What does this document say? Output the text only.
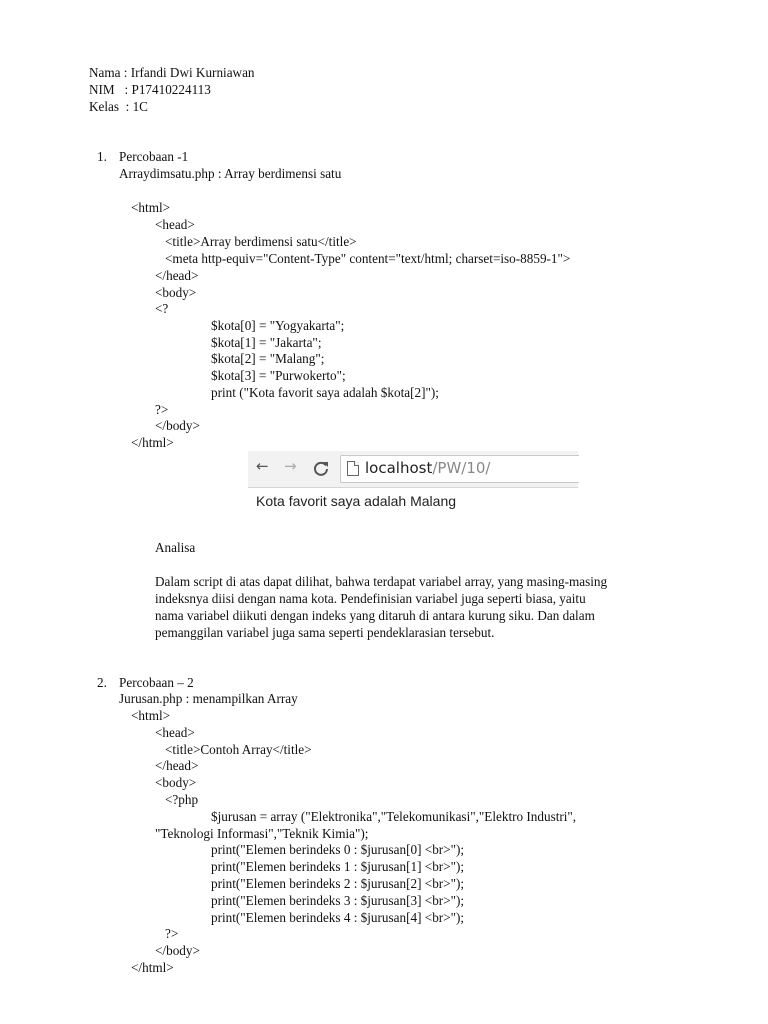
Nama : Irfandi Dwi Kurniawan
NIM   : P17410224113
Kelas  : 1C
1. Percobaan -1
Arraydimsatu.php : Array berdimensi satu
<html>
<head>
<title>Array berdimensi satu</title>
<meta http-equiv="Content-Type" content="text/html; charset=iso-8859-1">
</head>
<body>
<?
$kota[0] = "Yogyakarta";
$kota[1] = "Jakarta";
$kota[2] = "Malang";
$kota[3] = "Purwokerto";
print ("Kota favorit saya adalah $kota[2]");
?>
</body>
</html>
← →	localhost/PW/10/
Kota favorit saya adalah Malang
Analisa
Dalam script di atas dapat dilihat, bahwa terdapat variabel array, yang masing-masing
indeksnya diisi dengan nama kota. Pendefinisian variabel juga seperti biasa, yaitu
nama variabel diikuti dengan indeks yang ditaruh di antara kurung siku. Dan dalam
pemanggilan variabel juga sama seperti pendeklarasian tersebut.
2. Percobaan – 2
Jurusan.php : menampilkan Array
<html>
<head>
<title>Contoh Array</title>
</head>
<body>
<?php
$jurusan = array ("Elektronika","Telekomunikasi","Elektro Industri",
"Teknologi Informasi","Teknik Kimia");
print("Elemen berindeks 0 : $jurusan[0] <br>");
print("Elemen berindeks 1 : $jurusan[1] <br>");
print("Elemen berindeks 2 : $jurusan[2] <br>");
print("Elemen berindeks 3 : $jurusan[3] <br>");
print("Elemen berindeks 4 : $jurusan[4] <br>");
?>
</body>
</html>
